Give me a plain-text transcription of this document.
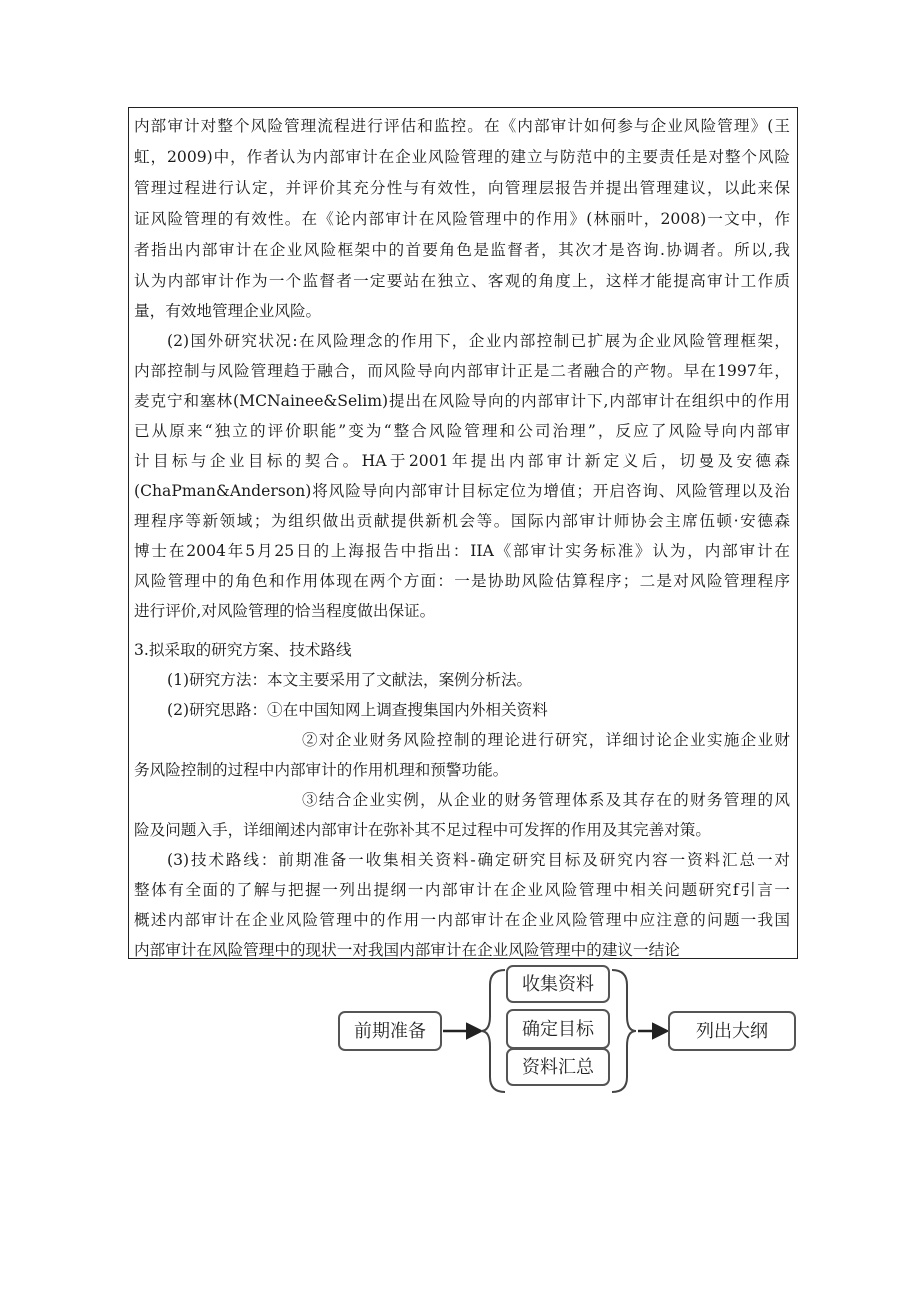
内部审计对整个风险管理流程进行评估和监控。在《内部审计如何参与企业风险管理》(王
虹，2009)中，作者认为内部审计在企业风险管理的建立与防范中的主要责任是对整个风险
管理过程进行认定，并评价其充分性与有效性，向管理层报告并提出管理建议，以此来保
证风险管理的有效性。在《论内部审计在风险管理中的作用》(林丽叶，2008)一文中，作
者指出内部审计在企业风险框架中的首要角色是监督者，其次才是咨询.协调者。所以,我
认为内部审计作为一个监督者一定要站在独立、客观的角度上，这样才能提高审计工作质
量，有效地管理企业风险。
(2)国外研究状况:在风险理念的作用下，企业内部控制已扩展为企业风险管理框架，
内部控制与风险管理趋于融合，而风险导向内部审计正是二者融合的产物。早在1997年，
麦克宁和塞林(MCNainee&Selim)提出在风险导向的内部审计下,内部审计在组织中的作用
已从原来“独立的评价职能”变为“整合风险管理和公司治理”，反应了风险导向内部审
计目标与企业目标的契合。HA于2001年提出内部审计新定义后，切曼及安德森
(ChaPman&Anderson)将风险导向内部审计目标定位为增值；开启咨询、风险管理以及治
理程序等新领域；为组织做出贡献提供新机会等。国际内部审计师协会主席伍顿·安德森
博士在2004年5月25日的上海报告中指出：IIA《部审计实务标准》认为，内部审计在
风险管理中的角色和作用体现在两个方面：一是协助风险估算程序；二是对风险管理程序
进行评价,对风险管理的恰当程度做出保证。
3.拟采取的研究方案、技术路线
(1)研究方法：本文主要采用了文献法，案例分析法。
(2)研究思路：①在中国知网上调查搜集国内外相关资料
②对企业财务风险控制的理论进行研究，详细讨论企业实施企业财
务风险控制的过程中内部审计的作用机理和预警功能。
③结合企业实例，从企业的财务管理体系及其存在的财务管理的风
险及问题入手，详细阐述内部审计在弥补其不足过程中可发挥的作用及其完善对策。
(3)技术路线：前期准备一收集相关资料-确定研究目标及研究内容一资料汇总一对
整体有全面的了解与把握一列出提纲一内部审计在企业风险管理中相关问题研究f引言一
概述内部审计在企业风险管理中的作用一内部审计在企业风险管理中应注意的问题一我国
内部审计在风险管理中的现状一对我国内部审计在企业风险管理中的建议一结论
前期准备
收集资料
确定目标
资料汇总
列出大纲
